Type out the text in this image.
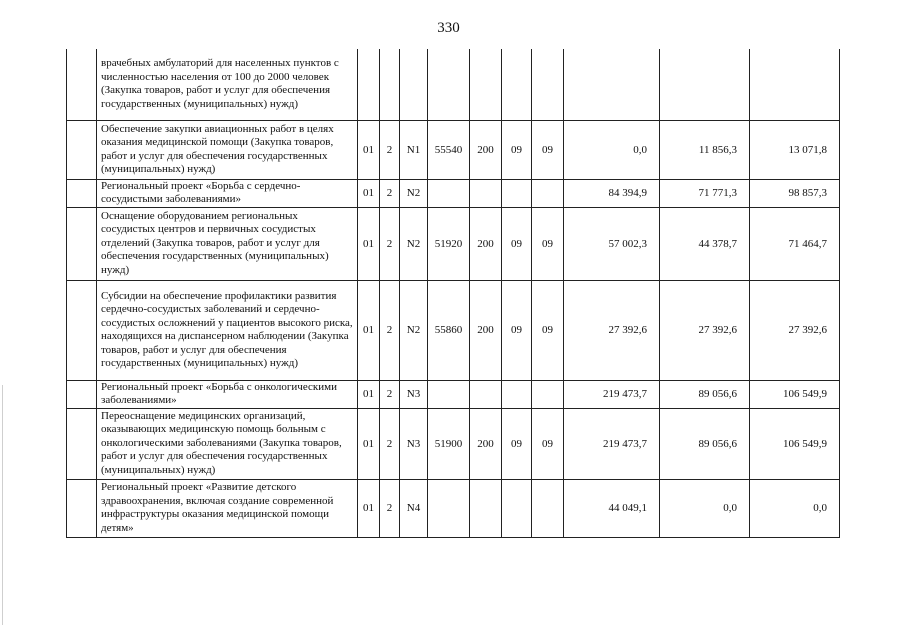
330
	врачебных амбулаторий для населенных пунктов с численностью населения от 100 до 2000 человек (Закупка товаров, работ и услуг для обеспечения государственных (муниципальных) нужд)										
	Обеспечение закупки авиационных работ в целях оказания медицинской помощи (Закупка товаров, работ и услуг для обеспечения государственных (муниципальных) нужд)	01	2	N1	55540	200	09	09	0,0	11 856,3	13 071,8
	Региональный проект «Борьба с сердечно-сосудистыми заболеваниями»	01	2	N2					84 394,9	71 771,3	98 857,3
	Оснащение оборудованием региональных сосудистых центров и первичных сосудистых отделений (Закупка товаров, работ и услуг для обеспечения государственных (муниципальных) нужд)	01	2	N2	51920	200	09	09	57 002,3	44 378,7	71 464,7
	Субсидии на обеспечение профилактики развития сердечно-сосудистых заболеваний и сердечно-сосудистых осложнений у пациентов высокого риска, находящихся на диспансерном наблюдении (Закупка товаров, работ и услуг для обеспечения государственных (муниципальных) нужд)	01	2	N2	55860	200	09	09	27 392,6	27 392,6	27 392,6
	Региональный проект «Борьба с онкологическими заболеваниями»	01	2	N3					219 473,7	89 056,6	106 549,9
	Переоснащение медицинских организаций, оказывающих медицинскую помощь больным с онкологическими заболеваниями (Закупка товаров, работ и услуг для обеспечения государственных (муниципальных) нужд)	01	2	N3	51900	200	09	09	219 473,7	89 056,6	106 549,9
	Региональный проект «Развитие детского здравоохранения, включая создание современной инфраструктуры оказания медицинской помощи детям»	01	2	N4					44 049,1	0,0	0,0
